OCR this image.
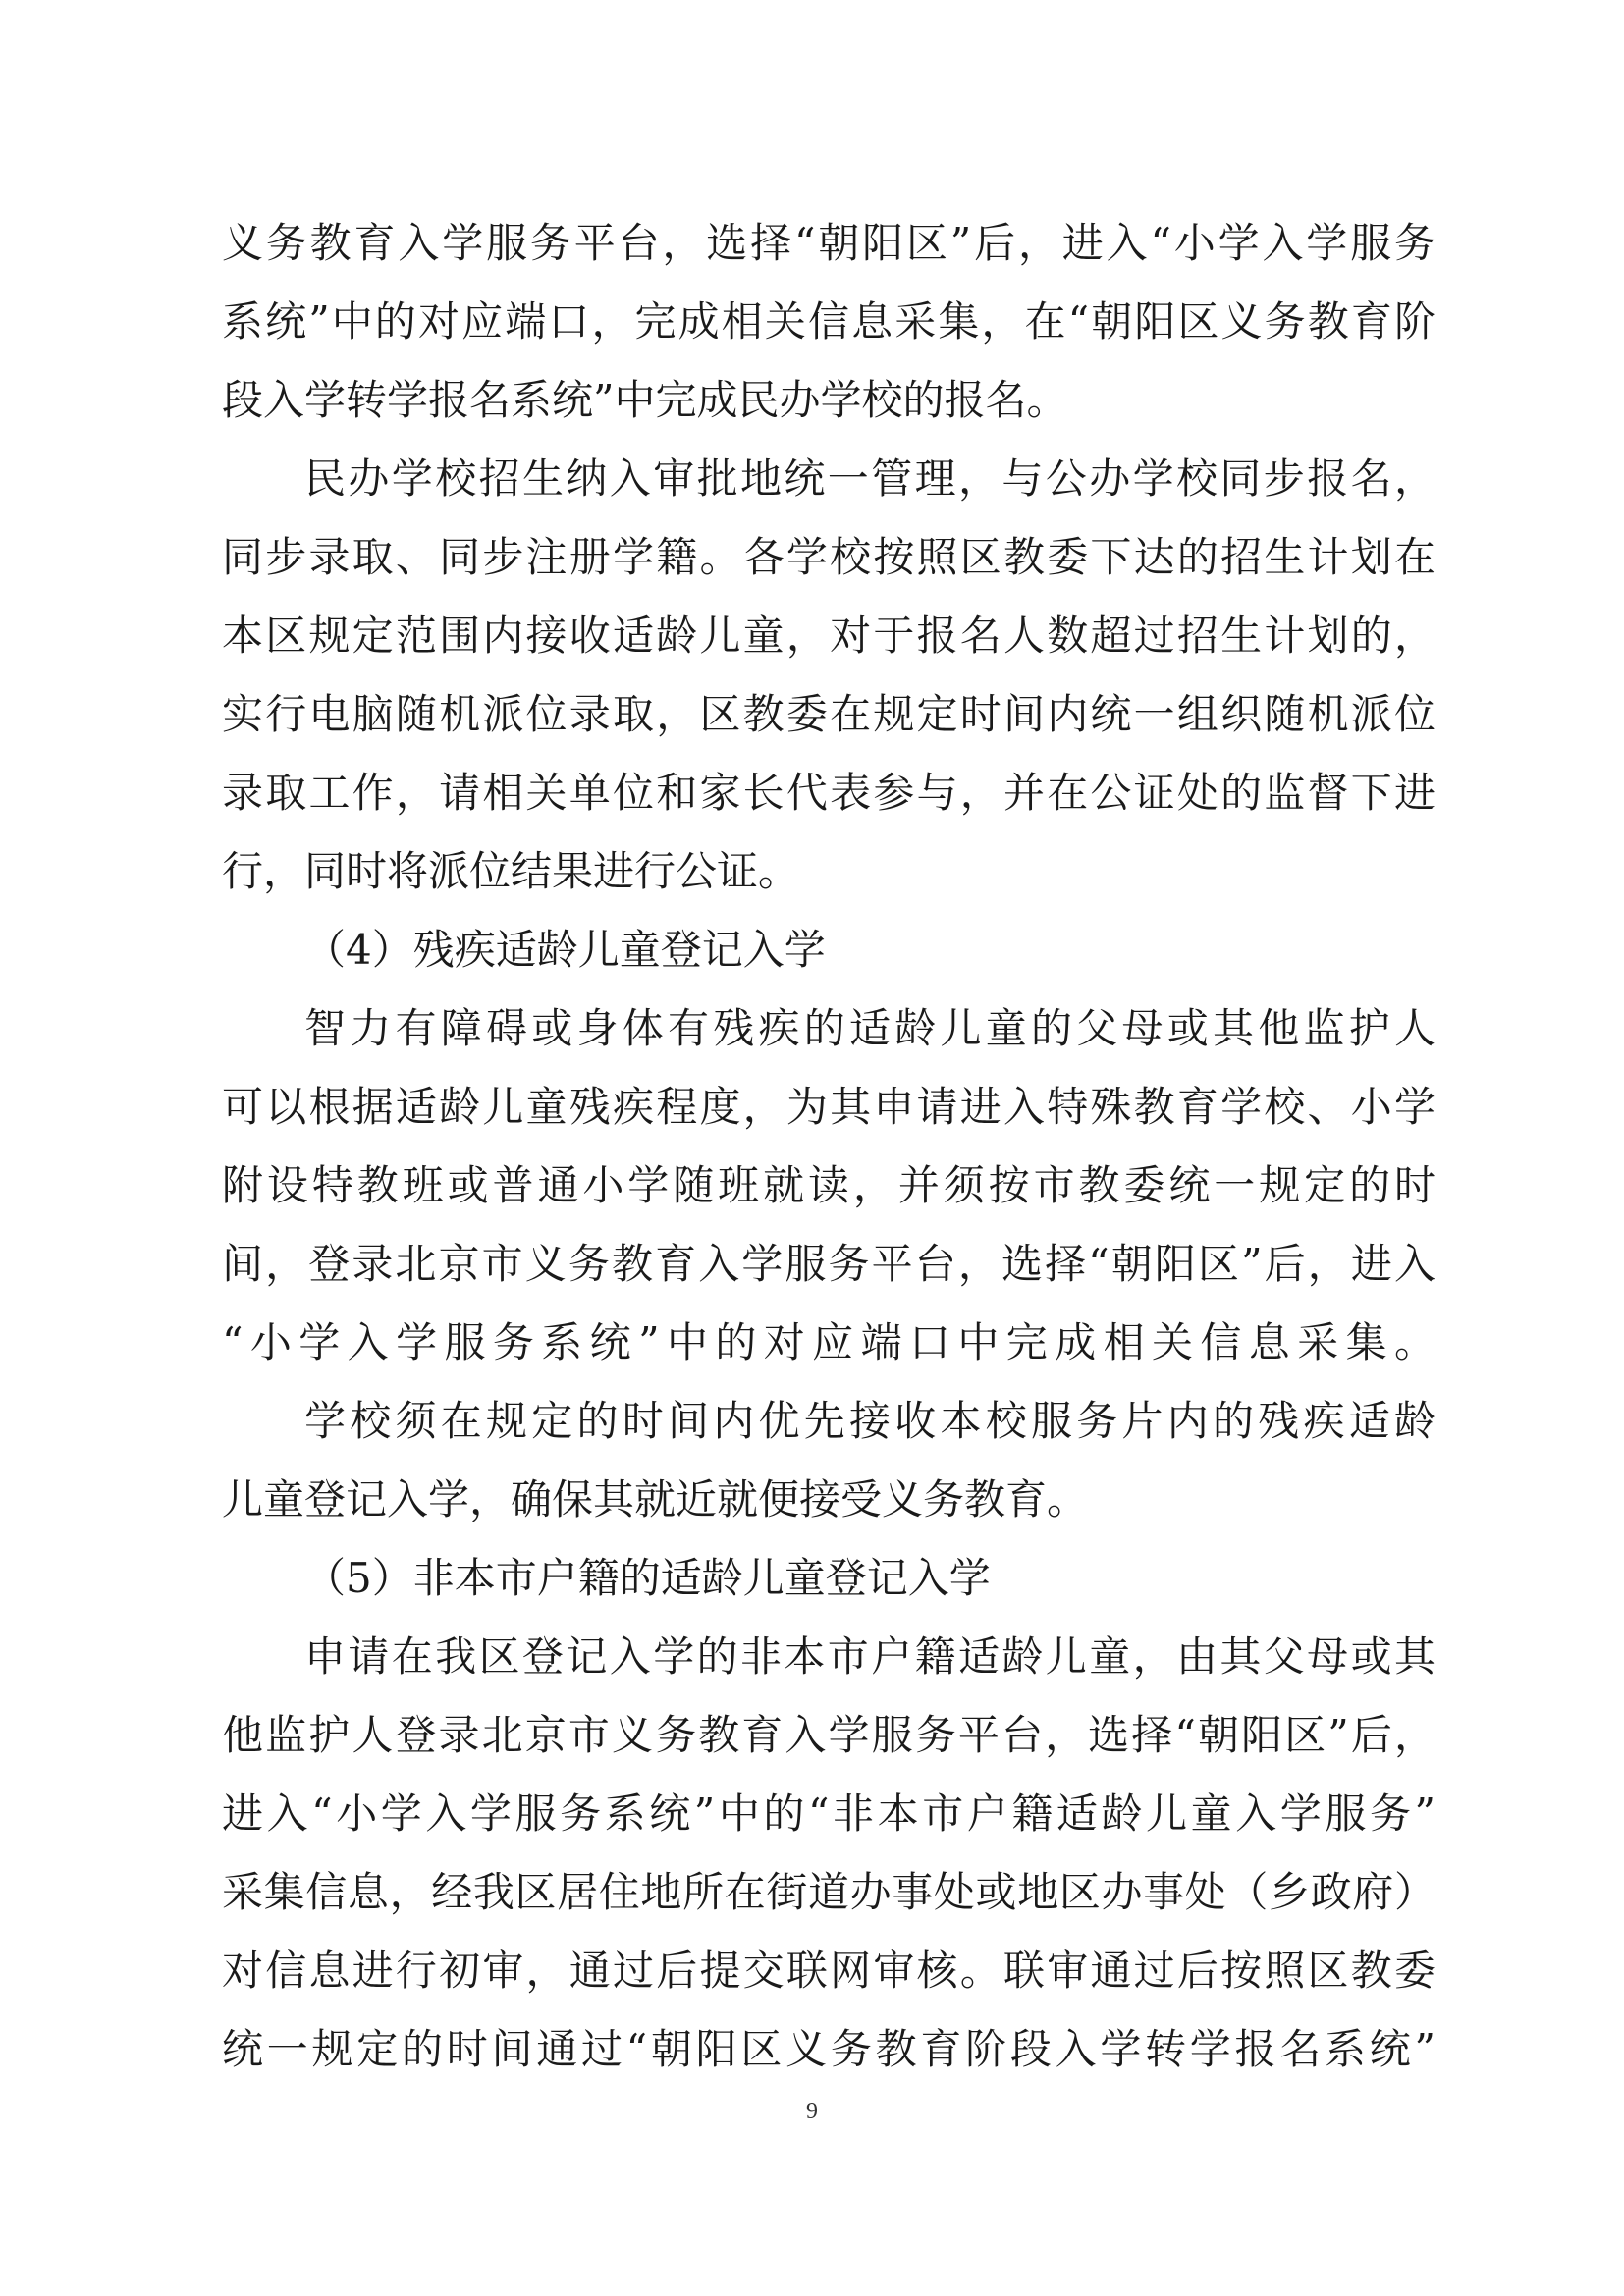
义务教育入学服务平台，选择“朝阳区”后，进入“小学入学服务
系统”中的对应端口，完成相关信息采集，在“朝阳区义务教育阶
段入学转学报名系统”中完成民办学校的报名。
民办学校招生纳入审批地统一管理，与公办学校同步报名，
同步录取、同步注册学籍。各学校按照区教委下达的招生计划在
本区规定范围内接收适龄儿童，对于报名人数超过招生计划的，
实行电脑随机派位录取，区教委在规定时间内统一组织随机派位
录取工作，请相关单位和家长代表参与，并在公证处的监督下进
行，同时将派位结果进行公证。
（4）残疾适龄儿童登记入学
智力有障碍或身体有残疾的适龄儿童的父母或其他监护人
可以根据适龄儿童残疾程度，为其申请进入特殊教育学校、小学
附设特教班或普通小学随班就读，并须按市教委统一规定的时
间，登录北京市义务教育入学服务平台，选择“朝阳区”后，进入
“小学入学服务系统”中的对应端口中完成相关信息采集。
学校须在规定的时间内优先接收本校服务片内的残疾适龄
儿童登记入学，确保其就近就便接受义务教育。
（5）非本市户籍的适龄儿童登记入学
申请在我区登记入学的非本市户籍适龄儿童，由其父母或其
他监护人登录北京市义务教育入学服务平台，选择“朝阳区”后，
进入“小学入学服务系统”中的“非本市户籍适龄儿童入学服务”
采集信息，经我区居住地所在街道办事处或地区办事处（乡政府）
对信息进行初审，通过后提交联网审核。联审通过后按照区教委
统一规定的时间通过“朝阳区义务教育阶段入学转学报名系统”
9
